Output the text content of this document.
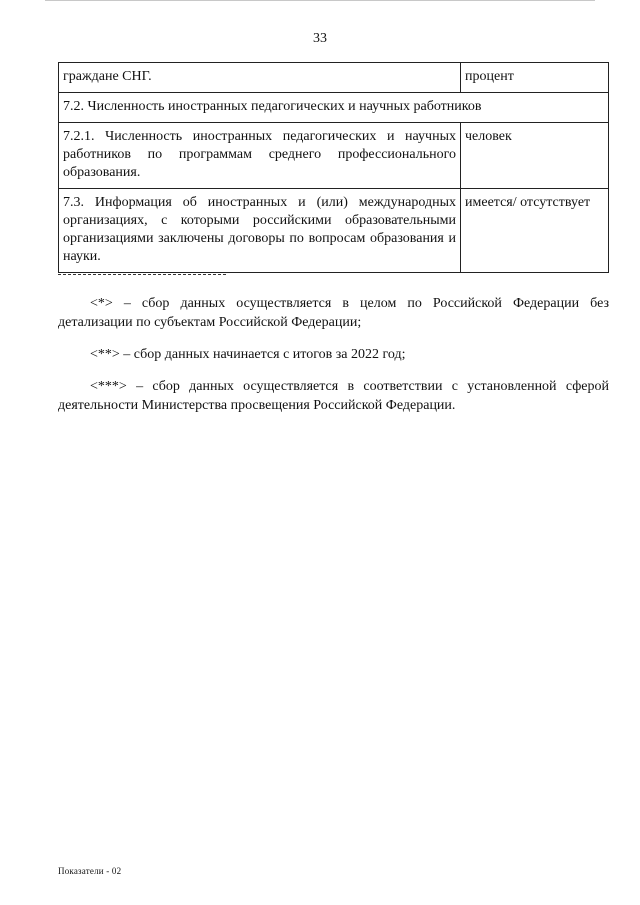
33
граждане СНГ.	процент
7.2. Численность иностранных педагогических и научных работников	
7.2.1. Численность иностранных педагогических и научных работников по программам среднего профессионального образования.	человек
7.3. Информация об иностранных и (или) международных организациях, с которыми российскими образовательными организациями заключены договоры по вопросам образования и науки.	имеется/ отсутствует

<*> – сбор данных осуществляется в целом по Российской Федерации без детализации по субъектам Российской Федерации;

<**> – сбор данных начинается с итогов за 2022 год;

<***> – сбор данных осуществляется в соответствии с установленной сферой деятельности Министерства просвещения Российской Федерации.

Показатели - 02
